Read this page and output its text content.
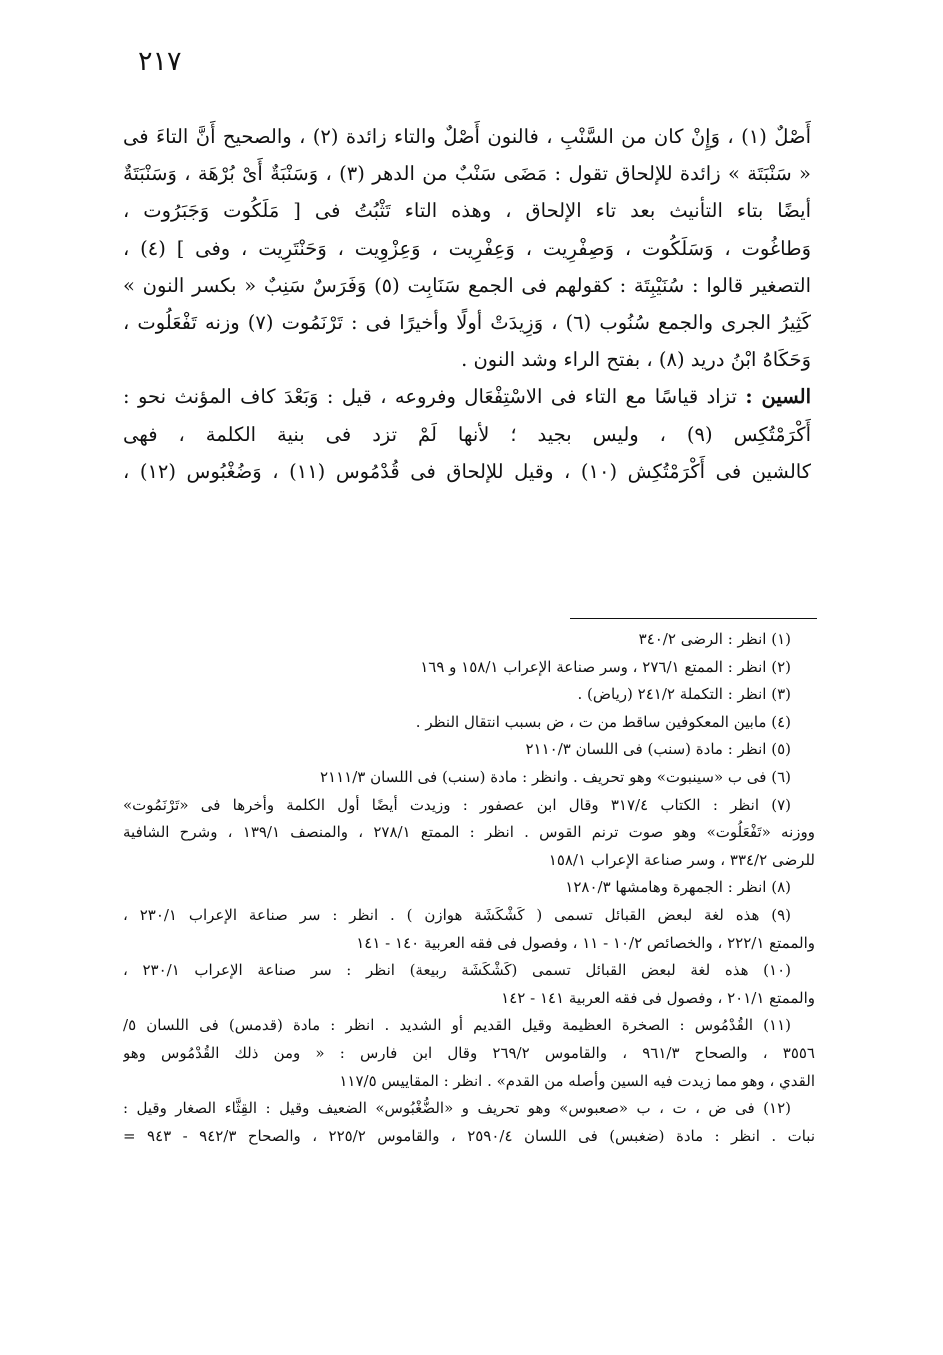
٢١٧
أَصْلٌ (١) ، وَإِنْ كان من السَّنْبِ ، فالنون أَصْلٌ والتاء زائدة (٢) ، والصحيح أَنَّ التاءَ فى
« سَنْبَتَة » زائدة للإلحاق تقول : مَضَى سَنْبٌ من الدهر (٣) ، وَسَنْبَةٌ أَىْ بُرْهَة ، وَسَنْبَتَةٌ
أيضًا بتاء التأنيث بعد تاء الإلحاق ، وهذه التاء تَثْبُتُ فى [ مَلَكُوت وَجَبَرُوت ،
وَطاغُوت ، وَسَلَكُوت ، وَصِفْرِيت ، وَعِفْرِيت ، وَعِزْوِيت ، وَحَنْتَرِيت ، وفى ] (٤) ،
التصغير قالوا : سُنَيْبِتَة : كقولهم فى الجمع سَنَابِت (٥) وَفَرَسٌ سَنِبٌ « بكسر النون »
كَثِيرُ الجرى والجمع سُنُوب (٦) ، وَزِيدَتْ أولًا وأخيرًا فى : تَرْنَمُوت (٧) وزنه تَفْعَلُوت ،
وَحَكَاهُ ابْنُ دريد (٨) ، بفتح الراء وشد النون .
السين : تزاد قياسًا مع التاء فى الاسْتِفْعَال وفروعه ، قيل : وَبَعْدَ كاف المؤنث نحو :
أَكْرَمْتُكِس (٩) ، وليس بجيد ؛ لأنها لَمْ تزد فى بنية الكلمة ، فهى
كالشين فى أَكْرَمْتُكِش (١٠) ، وقيل للإلحاق فى قُدْمُوس (١١) ، وَضُغْبُوس (١٢) ،
(١) انظر : الرضى ٣٤٠/٢
(٢) انظر : الممتع ٢٧٦/١ ، وسر صناعة الإعراب ١٥٨/١ و ١٦٩
(٣) انظر : التكملة ٢٤١/٢ (رياض) .
(٤) مابين المعكوفين ساقط من ت ، ض بسبب انتقال النظر .
(٥) انظر : مادة (سنب) فى اللسان ٢١١٠/٣
(٦) فى ب «سينبوت» وهو تحريف . وانظر : مادة (سنب) فى اللسان ٢١١١/٣
(٧) انظر : الكتاب ٣١٧/٤ وقال ابن عصفور : وزيدت أيضًا أول الكلمة وأخرها فى «تَرْنَمُوت»
ووزنه «تَفْعَلُوت» وهو صوت ترنم القوس . انظر : الممتع ٢٧٨/١ ، والمنصف ١٣٩/١ ، وشرح الشافية
للرضى ٣٣٤/٢ ، وسر صناعة الإعراب ١٥٨/١
(٨) انظر : الجمهرة وهامشها ١٢٨٠/٣
(٩) هذه لغة لبعض القبائل تسمى ( كَشْكَشَة هوازن ) . انظر : سر صناعة الإعراب ٢٣٠/١ ،
والممتع ٢٢٢/١ ، والخصائص ١٠/٢ - ١١ ، وفصول فى فقه العربية ١٤٠ - ١٤١
(١٠) هذه لغة لبعض القبائل تسمى (كَشْكَشَة ربيعة) انظر : سر صناعة الإعراب ٢٣٠/١ ،
والممتع ٢٠١/١ ، وفصول فى فقه العربية ١٤١ - ١٤٢
(١١) القُدْمُوس : الصخرة العظيمة وقيل القديم أو الشديد . انظر : مادة (قدمس) فى اللسان ٥/
٣٥٥٦ ، والصحاح ٩٦١/٣ ، والقاموس ٢٦٩/٢ وقال ابن فارس : « ومن ذلك القُدْمُوس وهو
القدي ، وهو مما زيدت فيه السين وأصله من القدم» . انظر : المقاييس ١١٧/٥
(١٢) فى ض ، ت ، ب «صعبوس» وهو تحريف و «الضُّغْبُوس» الضعيف وقيل : القِثَّاء الصغار وقيل :
نبات . انظر : مادة (ضغبس) فى اللسان ٢٥٩٠/٤ ، والقاموس ٢٢٥/٢ ، والصحاح ٩٤٢/٣ - ٩٤٣ =
